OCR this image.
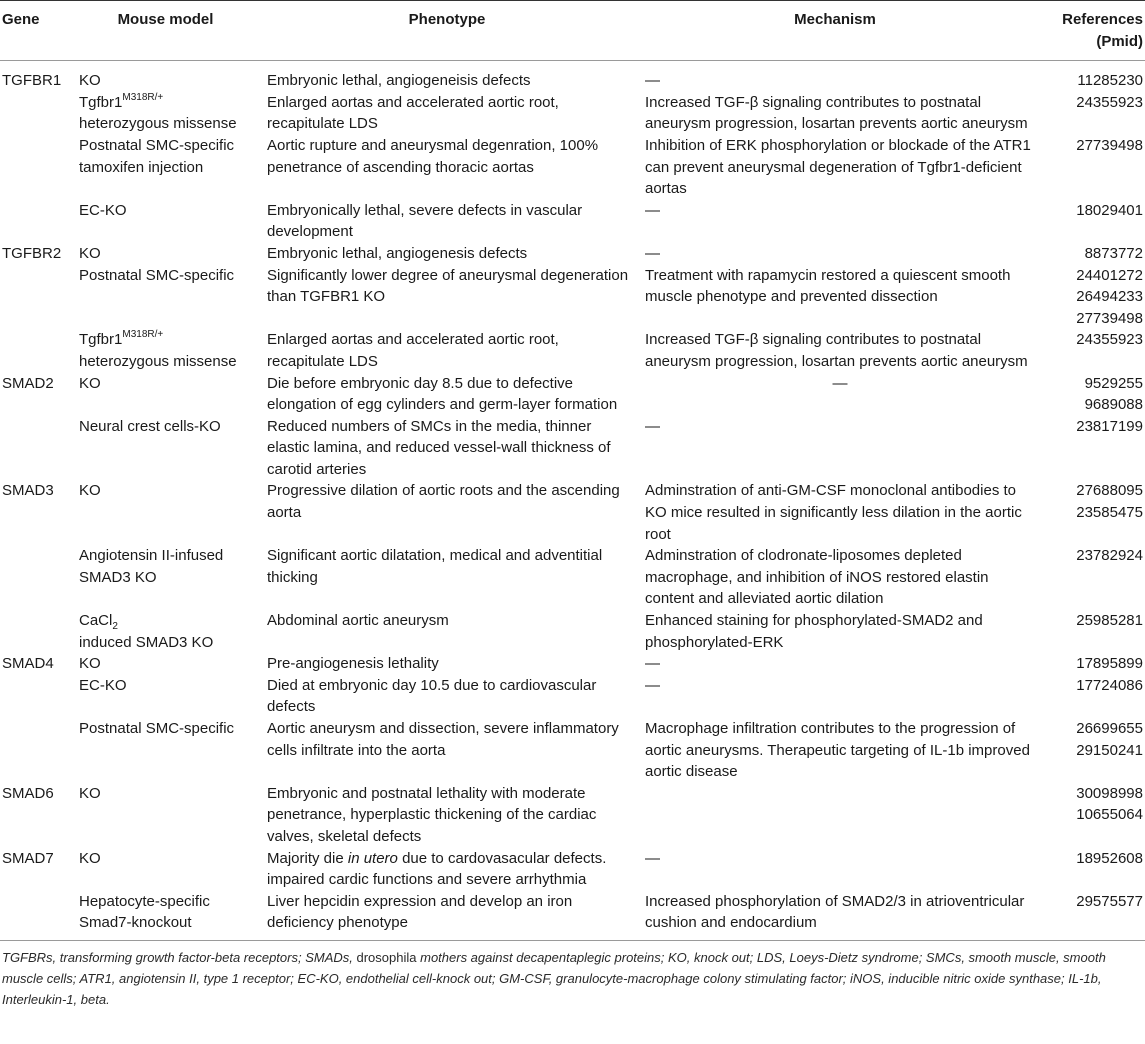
Gene	Mouse model	Phenotype	Mechanism	References
(Pmid)

TGFBR1	KO	Embryonic lethal, angiogeneisis defects	—	11285230

	$Tgfbr1^{M318R/+}$
heterozygous missense	Enlarged aortas and accelerated aortic root, recapitulate LDS	Increased TGF-β signaling contributes to postnatal aneurysm progression, losartan prevents aortic aneurysm	24355923

	Postnatal SMC-specific tamoxifen injection	Aortic rupture and aneurysmal degenration, 100% penetrance of ascending thoracic aortas	Inhibition of ERK phosphorylation or blockade of the ATR1 can prevent aneurysmal degeneration of Tgfbr1-deficient aortas	27739498

	EC-KO	Embryonically lethal, severe defects in vascular development	—	18029401

TGFBR2	KO	Embryonic lethal, angiogenesis defects	—	8873772

	Postnatal SMC-specific	Significantly lower degree of aneurysmal degeneration than TGFBR1 KO	Treatment with rapamycin restored a quiescent smooth muscle phenotype and prevented dissection	24401272
26494233
27739498

	$Tgfbr1^{M318R/+}$
heterozygous missense	Enlarged aortas and accelerated aortic root, recapitulate LDS	Increased TGF-β signaling contributes to postnatal aneurysm progression, losartan prevents aortic aneurysm	24355923

SMAD2	KO	Die before embryonic day 8.5 due to defective elongation of egg cylinders and germ-layer formation	—	9529255
9689088

	Neural crest cells-KO	Reduced numbers of SMCs in the media, thinner elastic lamina, and reduced vessel-wall thickness of carotid arteries	—	23817199

SMAD3	KO	Progressive dilation of aortic roots and the ascending aorta	Adminstration of anti-GM-CSF monoclonal antibodies to KO mice resulted in significantly less dilation in the aortic root	27688095
23585475

	Angiotensin II-infused SMAD3 KO	Significant aortic dilatation, medical and adventitial thicking	Adminstration of clodronate-liposomes depleted macrophage, and inhibition of iNOS restored elastin content and alleviated aortic dilation	23782924

	CaCl$_2$
induced SMAD3 KO	Abdominal aortic aneurysm	Enhanced staining for phosphorylated-SMAD2 and phosphorylated-ERK	25985281

SMAD4	KO	Pre-angiogenesis lethality	—	17895899

	EC-KO	Died at embryonic day 10.5 due to cardiovascular defects	—	17724086

	Postnatal SMC-specific	Aortic aneurysm and dissection, severe inflammatory cells infiltrate into the aorta	Macrophage infiltration contributes to the progression of aortic aneurysms. Therapeutic targeting of IL-1b improved aortic disease	26699655
29150241

SMAD6	KO	Embryonic and postnatal lethality with moderate penetrance, hyperplastic thickening of the cardiac valves, skeletal defects		30098998
10655064

SMAD7	KO	Majority die in utero due to cardovasacular defects. impaired cardic functions and severe arrhythmia	—	18952608

	Hepatocyte-specific Smad7-knockout	Liver hepcidin expression and develop an iron deficiency phenotype	Increased phosphorylation of SMAD2/3 in atrioventricular cushion and endocardium	29575577
TGFBRs, transforming growth factor-beta receptors; SMADs, drosophila mothers against decapentaplegic proteins; KO, knock out; LDS, Loeys-Dietz syndrome; SMCs, smooth muscle, smooth muscle cells; ATR1, angiotensin II, type 1 receptor; EC-KO, endothelial cell-knock out; GM-CSF, granulocyte-macrophage colony stimulating factor; iNOS, inducible nitric oxide synthase; IL-1b, Interleukin-1, beta.
